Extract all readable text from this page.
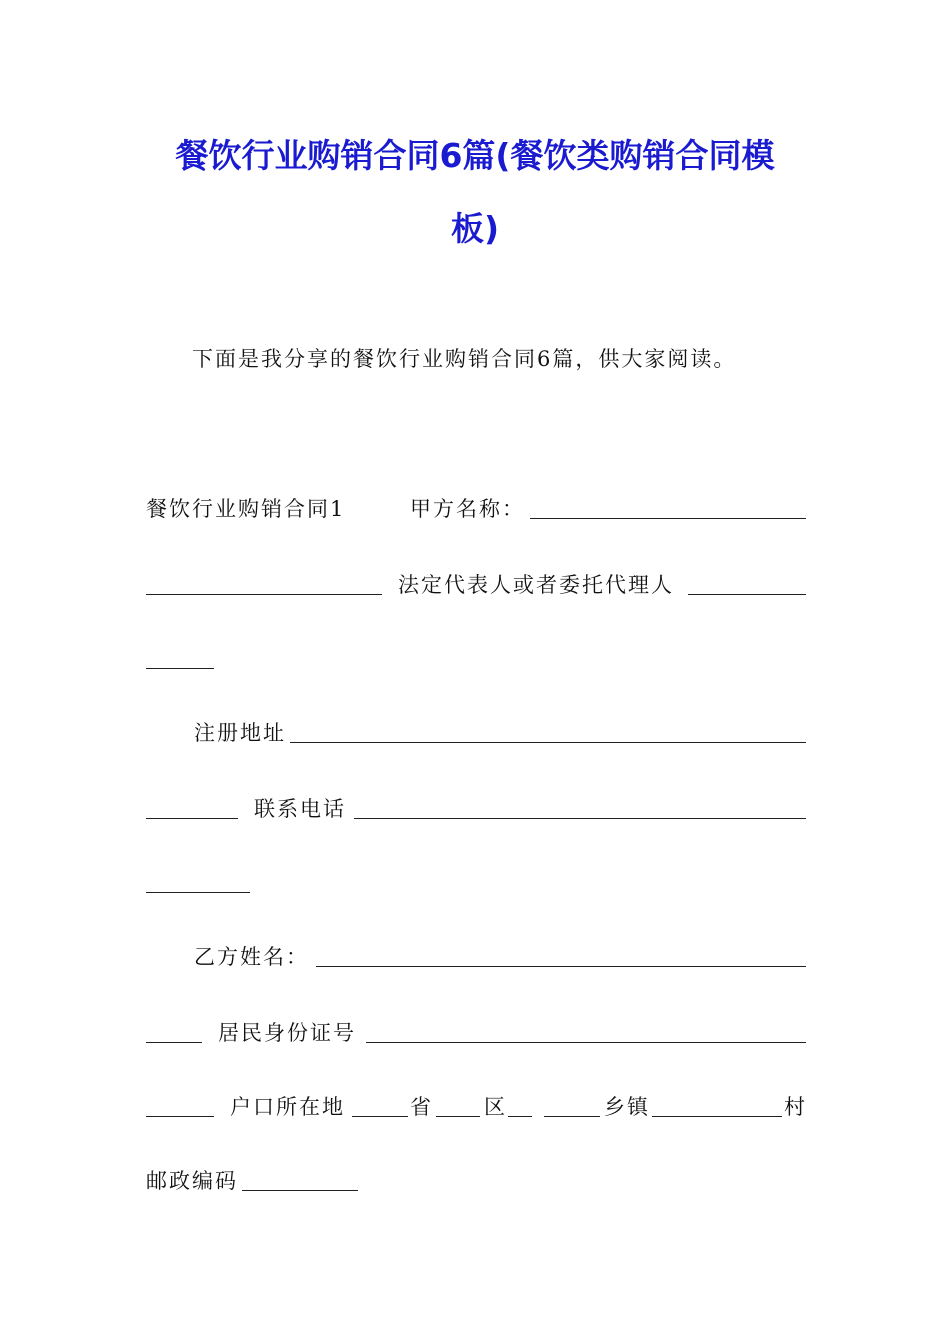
餐饮行业购销合同6篇(餐饮类购销合同模
板)
下面是我分享的餐饮行业购销合同6篇，供大家阅读。
餐饮行业购销合同1	甲方名称：
法定代表人或者委托代理人
注册地址
联系电话
乙方姓名：
居民身份证号
户口所在地	省 区	乡镇	村
邮政编码
